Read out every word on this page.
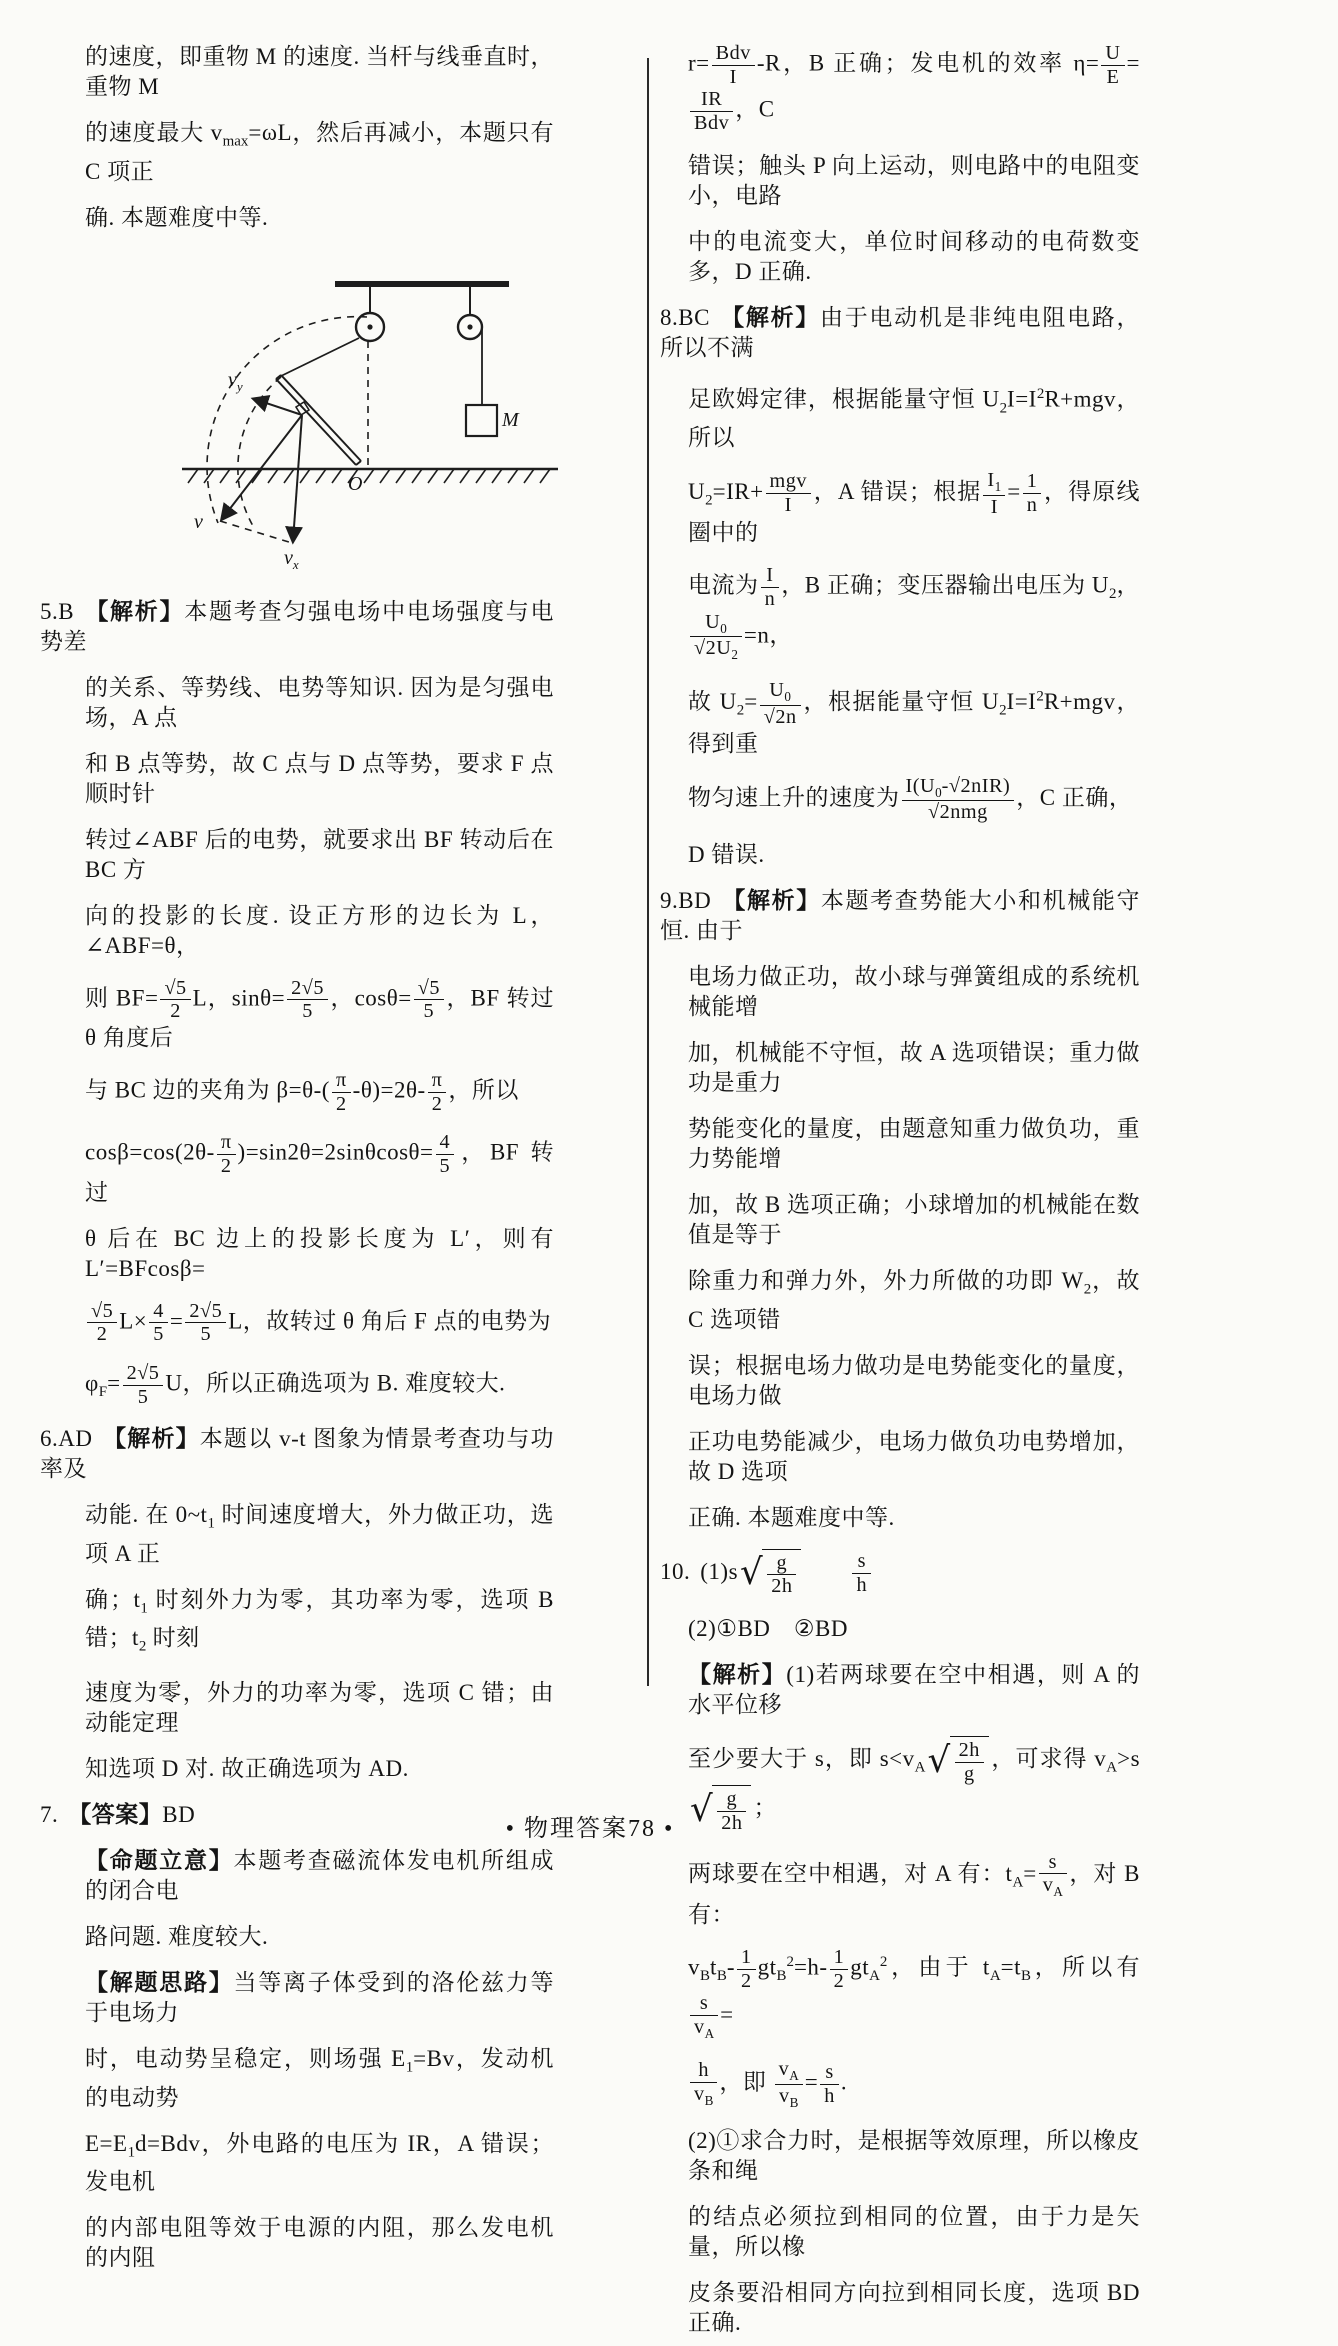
的速度，即重物 M 的速度. 当杆与线垂直时，重物 M
的速度最大 $v_{max}=\omega L$，然后再减小，本题只有 C 项正
确. 本题难度中等.
$v_y$
v
$v_x$
O
M
5.B 【解析】本题考查匀强电场中电场强度与电势差
的关系、等势线、电势等知识. 因为是匀强电场，A 点
和 B 点等势，故 C 点与 D 点等势，要求 F 点顺时针
转过∠ABF 后的电势，就要求出 BF 转动后在 BC 方
向的投影的长度. 设正方形的边长为 L，∠ABF=θ，
则 $BF= \frac{√5}{2}$ L，$\sin\theta= \frac{2√5}{5}$ ，$\cos\theta= \frac{√5}{5}$ ，BF 转过 θ 角度后
与 BC 边的夹角为 $\beta=\theta-( \frac{\pi}{2} -\theta)=2\theta- \frac{\pi}{2}$ ，所以
$\cos\beta=\cos(2\theta- \frac{\pi}{2} )=\sin 2\theta=2\sin\theta\cos\theta= \frac{4}{5}$ ，BF 转过
θ 后在 BC 边上的投影长度为 L′，则有 L′=BFcosβ=
$\frac{√5}{2} L\times \frac{4}{5} = \frac{2√5}{5}$ L，故转过 θ 角后 F 点的电势为
$\varphi_F= \frac{2√5}{5}$ U，所以正确选项为 B. 难度较大.
6.AD 【解析】本题以 v-t 图象为情景考查功与功率及
动能. 在 $0\sim t_1$ 时间速度增大，外力做正功，选项 A 正
确；$t_1$ 时刻外力为零，其功率为零，选项 B 错；$t_2$ 时刻
速度为零，外力的功率为零，选项 C 错；由动能定理
知选项 D 对. 故正确选项为 AD.
7. 【答案】BD
【命题立意】本题考查磁流体发电机所组成的闭合电
路问题. 难度较大.
【解题思路】当等离子体受到的洛伦兹力等于电场力
时，电动势呈稳定，则场强 $E_1=Bv$，发动机的电动势
$E=E_1d=Bdv$，外电路的电压为 IR，A 错误；发电机
的内部电阻等效于电源的内阻，那么发电机的内阻
$r= \frac{\text{Bdv}}{I} -R$，B 正确；发电机的效率 $\eta= \frac{U}{E}$ =
$\frac{IR}{\text{Bdv}}$ ，C
错误；触头 P 向上运动，则电路中的电阻变小，电路
中的电流变大，单位时间移动的电荷数变多，D 正确.
8.BC 【解析】由于电动机是非纯电阻电路，所以不满
足欧姆定律，根据能量守恒 $U_2I=I^2R+mgv$，所以
$U_2=IR+ \frac{\text{mgv}}{I}$ ，A 错误；根据 $\frac{I_1}{I} = \frac{1}{n}$ ，得原线圈中的
电流为 $\frac{I}{n}$ ，B 正确；变压器输出电压为 $U_2$，
$\frac{U_0}{√2U_2} =n$，
故 $U_2= \frac{U_0}{√2n}$ ，根据能量守恒 $U_2I=I^2R+mgv$，得到重
物匀速上升的速度为 $\frac{I(U_0-√2nIR)}{\text{√2nmg}}$ ，C 正确，
D 错误.
9.BD 【解析】本题考查势能大小和机械能守恒. 由于
电场力做正功，故小球与弹簧组成的系统机械能增
加，机械能不守恒，故 A 选项错误；重力做功是重力
势能变化的量度，由题意知重力做负功，重力势能增
加，故 B 选项正确；小球增加的机械能在数值是等于
除重力和弹力外，外力所做的功即 $W_2$，故 C 选项错
误；根据电场力做功是电势能变化的量度，电场力做
正功电势能减少，电场力做负功电势增加，故 D 选项
正确. 本题难度中等.
10. (1)s √ $\frac{g}{2h}$
　　	$\frac{s}{h}$
(2)①BD　②BD
【解析】(1)若两球要在空中相遇，则 A 的水平位移
至少要大于 s，即 $s<v_A$ √ $\frac{2h}{g}$ ，可求得 $v_A>s$
√ $\frac{g}{2h}$ ；
两球要在空中相遇，对 A 有：$t_A= \frac{s}{v_A}$ ，对 B 有：
$v_Bt_B- \frac{1}{2} gt_B^2=h- \frac{1}{2} gt_A^2$，由于 $t_A=t_B$，所以有
$\frac{s}{v_A}$ =
$\frac{h}{v_B}$ ，即 $\frac{v_A}{v_B} = \frac{s}{h}$ .
(2)①求合力时，是根据等效原理，所以橡皮条和绳
的结点必须拉到相同的位置，由于力是矢量，所以橡
皮条要沿相同方向拉到相同长度，选项 BD 正确.
• 物理答案78 •
